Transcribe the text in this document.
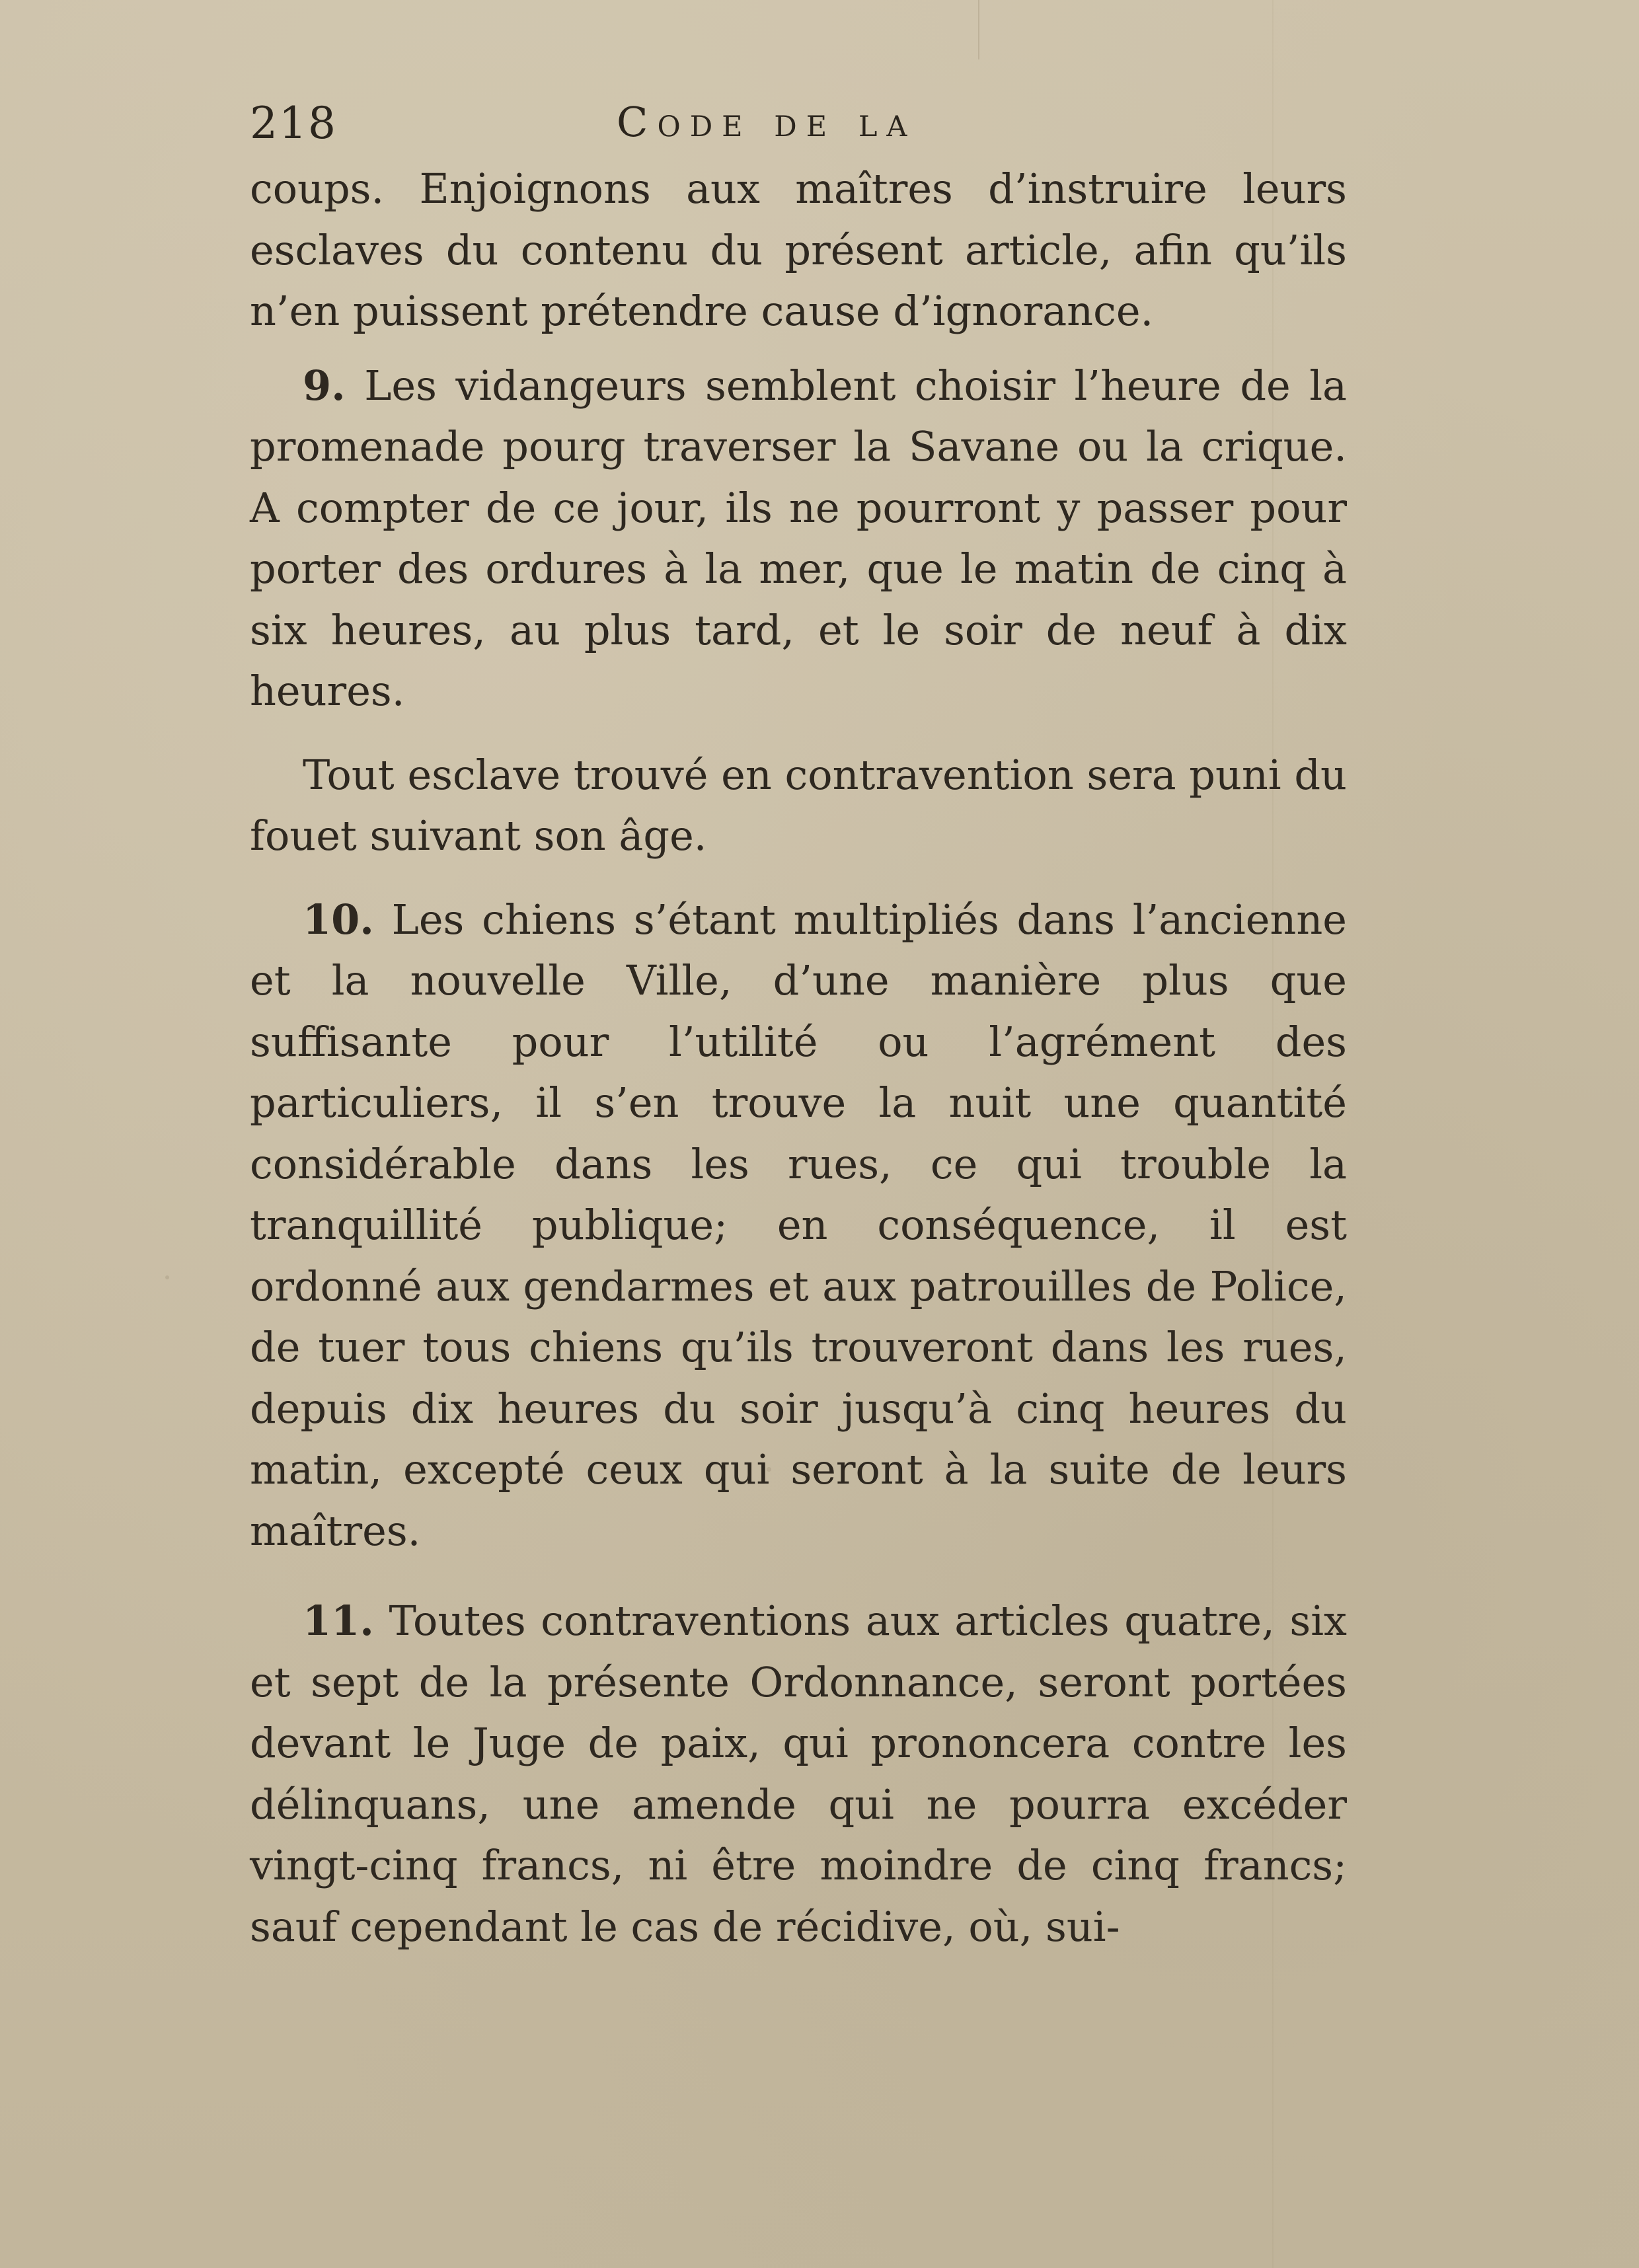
218	Code de la

coups. Enjoignons aux maîtres d’instruire leurs esclaves du contenu du présent article, afin qu’ils n’en puissent prétendre cause d’ignorance.

9. Les vidangeurs semblent choisir l’heure de la promenade pourg traverser la Savane ou la crique. A compter de ce jour, ils ne pourront y passer pour porter des ordures à la mer, que le matin de cinq à six heures, au plus tard, et le soir de neuf à dix heures.

Tout esclave trouvé en contravention sera puni du fouet suivant son âge.

10. Les chiens s’étant multipliés dans l’ancienne et la nouvelle Ville, d’une manière plus que suffisante pour l’utilité ou l’agrément des particuliers, il s’en trouve la nuit une quantité considérable dans les rues, ce qui trouble la tranquillité publique; en conséquence, il est ordonné aux gendarmes et aux patrouilles de Police, de tuer tous chiens qu’ils trouveront dans les rues, depuis dix heures du soir jusqu’à cinq heures du matin, excepté ceux qui seront à la suite de leurs maîtres.

11. Toutes contraventions aux articles quatre, six et sept de la présente Ordonnance, seront portées devant le Juge de paix, qui prononcera contre les délinquans, une amende qui ne pourra excéder vingt-cinq francs, ni être moindre de cinq francs; sauf cependant le cas de récidive, où, sui-
